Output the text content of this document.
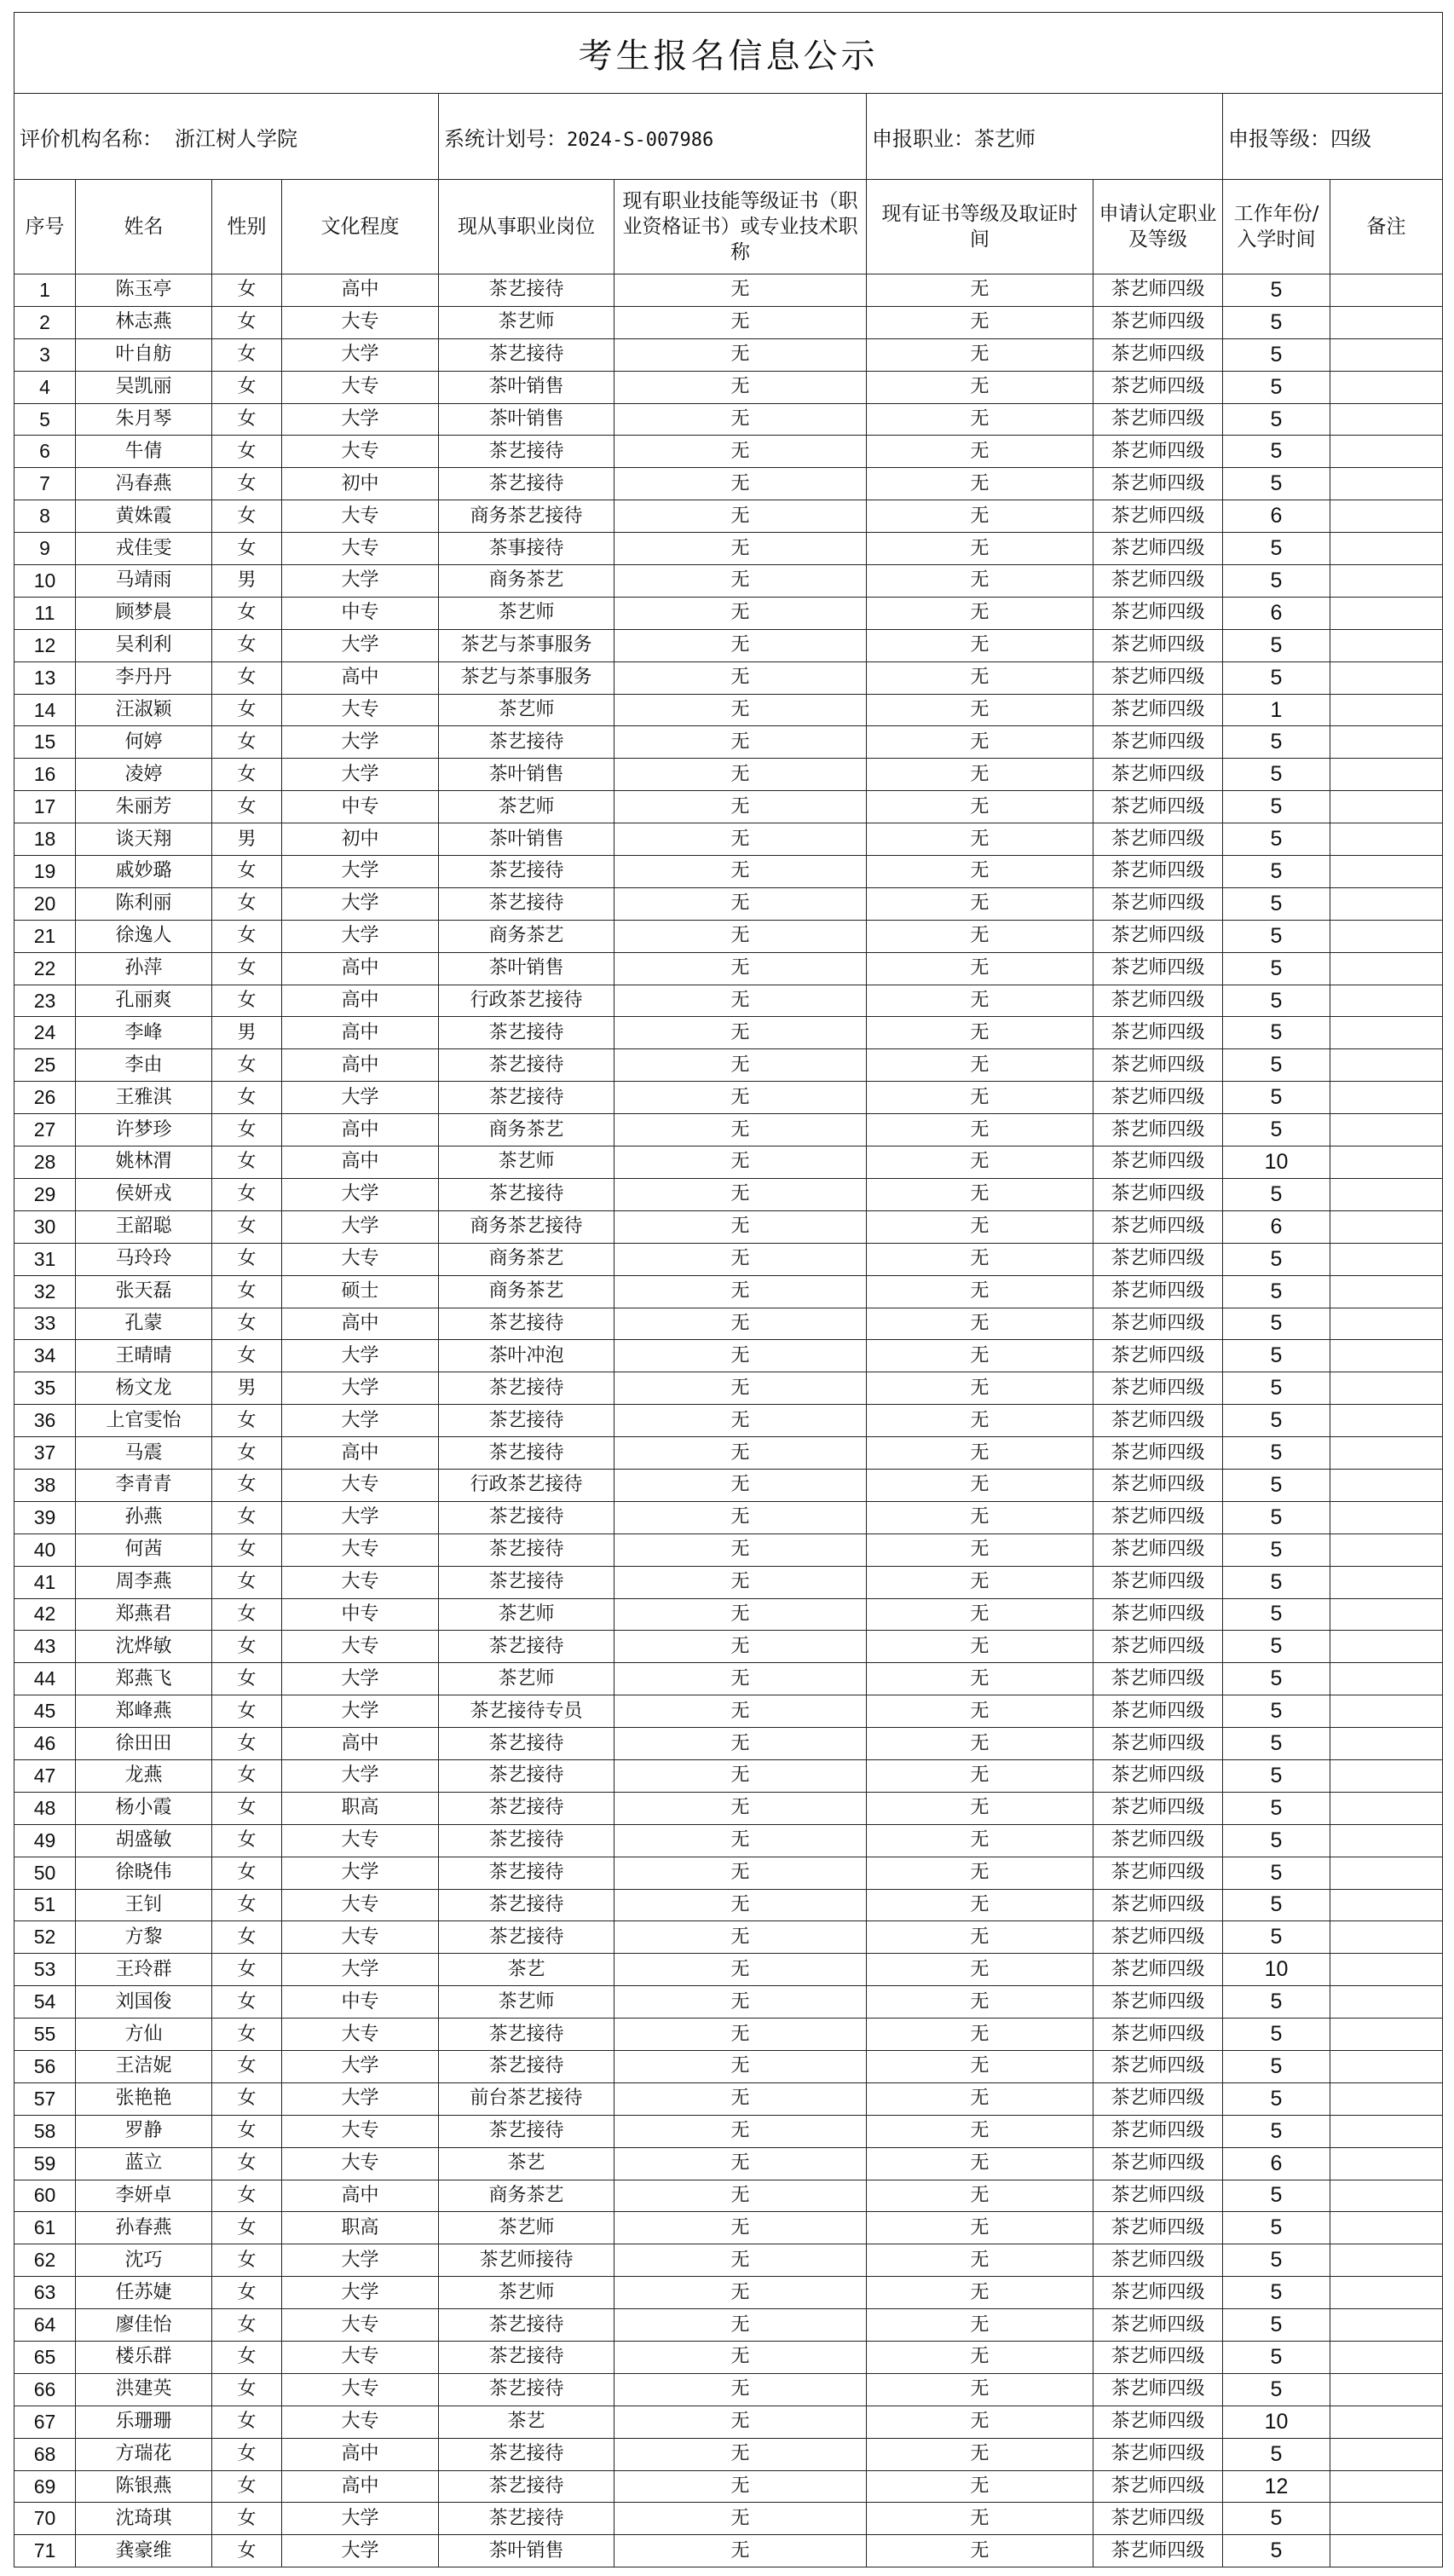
考生报名信息公示									
评价机构名称： 浙江树人学院				系统计划号：2024-S-007986		申报职业：茶艺师		申报等级：四级	
序号	姓名	性别	文化程度	现从事职业岗位	现有职业技能等级证书（职业资格证书）或专业技术职称	现有证书等级及取证时间	申请认定职业及等级	工作年份/入学时间	备注
1	陈玉亭	女	高中	茶艺接待	无	无	茶艺师四级	5	
2	林志燕	女	大专	茶艺师	无	无	茶艺师四级	5	
3	叶自舫	女	大学	茶艺接待	无	无	茶艺师四级	5	
4	吴凯丽	女	大专	茶叶销售	无	无	茶艺师四级	5	
5	朱月琴	女	大学	茶叶销售	无	无	茶艺师四级	5	
6	牛倩	女	大专	茶艺接待	无	无	茶艺师四级	5	
7	冯春燕	女	初中	茶艺接待	无	无	茶艺师四级	5	
8	黄姝霞	女	大专	商务茶艺接待	无	无	茶艺师四级	6	
9	戎佳雯	女	大专	茶事接待	无	无	茶艺师四级	5	
10	马靖雨	男	大学	商务茶艺	无	无	茶艺师四级	5	
11	顾梦晨	女	中专	茶艺师	无	无	茶艺师四级	6	
12	吴利利	女	大学	茶艺与茶事服务	无	无	茶艺师四级	5	
13	李丹丹	女	高中	茶艺与茶事服务	无	无	茶艺师四级	5	
14	汪淑颖	女	大专	茶艺师	无	无	茶艺师四级	1	
15	何婷	女	大学	茶艺接待	无	无	茶艺师四级	5	
16	凌婷	女	大学	茶叶销售	无	无	茶艺师四级	5	
17	朱丽芳	女	中专	茶艺师	无	无	茶艺师四级	5	
18	谈天翔	男	初中	茶叶销售	无	无	茶艺师四级	5	
19	戚妙璐	女	大学	茶艺接待	无	无	茶艺师四级	5	
20	陈利丽	女	大学	茶艺接待	无	无	茶艺师四级	5	
21	徐逸人	女	大学	商务茶艺	无	无	茶艺师四级	5	
22	孙萍	女	高中	茶叶销售	无	无	茶艺师四级	5	
23	孔丽爽	女	高中	行政茶艺接待	无	无	茶艺师四级	5	
24	李峰	男	高中	茶艺接待	无	无	茶艺师四级	5	
25	李由	女	高中	茶艺接待	无	无	茶艺师四级	5	
26	王雅淇	女	大学	茶艺接待	无	无	茶艺师四级	5	
27	许梦珍	女	高中	商务茶艺	无	无	茶艺师四级	5	
28	姚林渭	女	高中	茶艺师	无	无	茶艺师四级	10	
29	侯妍戎	女	大学	茶艺接待	无	无	茶艺师四级	5	
30	王韶聪	女	大学	商务茶艺接待	无	无	茶艺师四级	6	
31	马玲玲	女	大专	商务茶艺	无	无	茶艺师四级	5	
32	张天磊	女	硕士	商务茶艺	无	无	茶艺师四级	5	
33	孔蒙	女	高中	茶艺接待	无	无	茶艺师四级	5	
34	王晴晴	女	大学	茶叶冲泡	无	无	茶艺师四级	5	
35	杨文龙	男	大学	茶艺接待	无	无	茶艺师四级	5	
36	上官雯怡	女	大学	茶艺接待	无	无	茶艺师四级	5	
37	马震	女	高中	茶艺接待	无	无	茶艺师四级	5	
38	李青青	女	大专	行政茶艺接待	无	无	茶艺师四级	5	
39	孙燕	女	大学	茶艺接待	无	无	茶艺师四级	5	
40	何茜	女	大专	茶艺接待	无	无	茶艺师四级	5	
41	周李燕	女	大专	茶艺接待	无	无	茶艺师四级	5	
42	郑燕君	女	中专	茶艺师	无	无	茶艺师四级	5	
43	沈烨敏	女	大专	茶艺接待	无	无	茶艺师四级	5	
44	郑燕飞	女	大学	茶艺师	无	无	茶艺师四级	5	
45	郑峰燕	女	大学	茶艺接待专员	无	无	茶艺师四级	5	
46	徐田田	女	高中	茶艺接待	无	无	茶艺师四级	5	
47	龙燕	女	大学	茶艺接待	无	无	茶艺师四级	5	
48	杨小霞	女	职高	茶艺接待	无	无	茶艺师四级	5	
49	胡盛敏	女	大专	茶艺接待	无	无	茶艺师四级	5	
50	徐晓伟	女	大学	茶艺接待	无	无	茶艺师四级	5	
51	王钊	女	大专	茶艺接待	无	无	茶艺师四级	5	
52	方黎	女	大专	茶艺接待	无	无	茶艺师四级	5	
53	王玲群	女	大学	茶艺	无	无	茶艺师四级	10	
54	刘国俊	女	中专	茶艺师	无	无	茶艺师四级	5	
55	方仙	女	大专	茶艺接待	无	无	茶艺师四级	5	
56	王洁妮	女	大学	茶艺接待	无	无	茶艺师四级	5	
57	张艳艳	女	大学	前台茶艺接待	无	无	茶艺师四级	5	
58	罗静	女	大专	茶艺接待	无	无	茶艺师四级	5	
59	蓝立	女	大专	茶艺	无	无	茶艺师四级	6	
60	李妍卓	女	高中	商务茶艺	无	无	茶艺师四级	5	
61	孙春燕	女	职高	茶艺师	无	无	茶艺师四级	5	
62	沈巧	女	大学	茶艺师接待	无	无	茶艺师四级	5	
63	任苏婕	女	大学	茶艺师	无	无	茶艺师四级	5	
64	廖佳怡	女	大专	茶艺接待	无	无	茶艺师四级	5	
65	楼乐群	女	大专	茶艺接待	无	无	茶艺师四级	5	
66	洪建英	女	大专	茶艺接待	无	无	茶艺师四级	5	
67	乐珊珊	女	大专	茶艺	无	无	茶艺师四级	10	
68	方瑞花	女	高中	茶艺接待	无	无	茶艺师四级	5	
69	陈银燕	女	高中	茶艺接待	无	无	茶艺师四级	12	
70	沈琦琪	女	大学	茶艺接待	无	无	茶艺师四级	5	
71	龚豪维	女	大学	茶叶销售	无	无	茶艺师四级	5	
